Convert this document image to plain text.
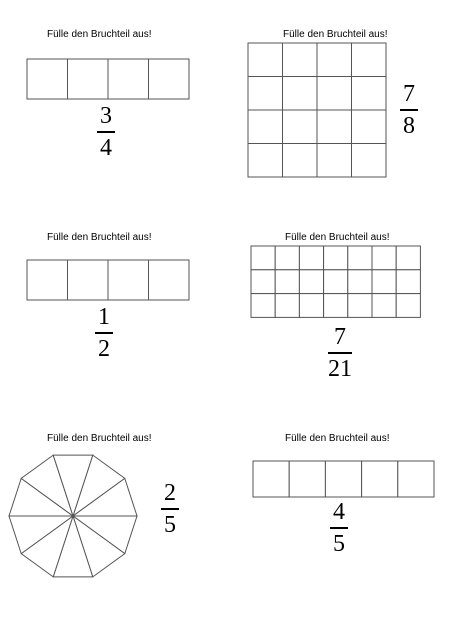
Fülle den Bruchteil aus!
3
4
Fülle den Bruchteil aus!
7
8
Fülle den Bruchteil aus!
1
2
Fülle den Bruchteil aus!
7
21
Fülle den Bruchteil aus!
2
5
Fülle den Bruchteil aus!
4
5
